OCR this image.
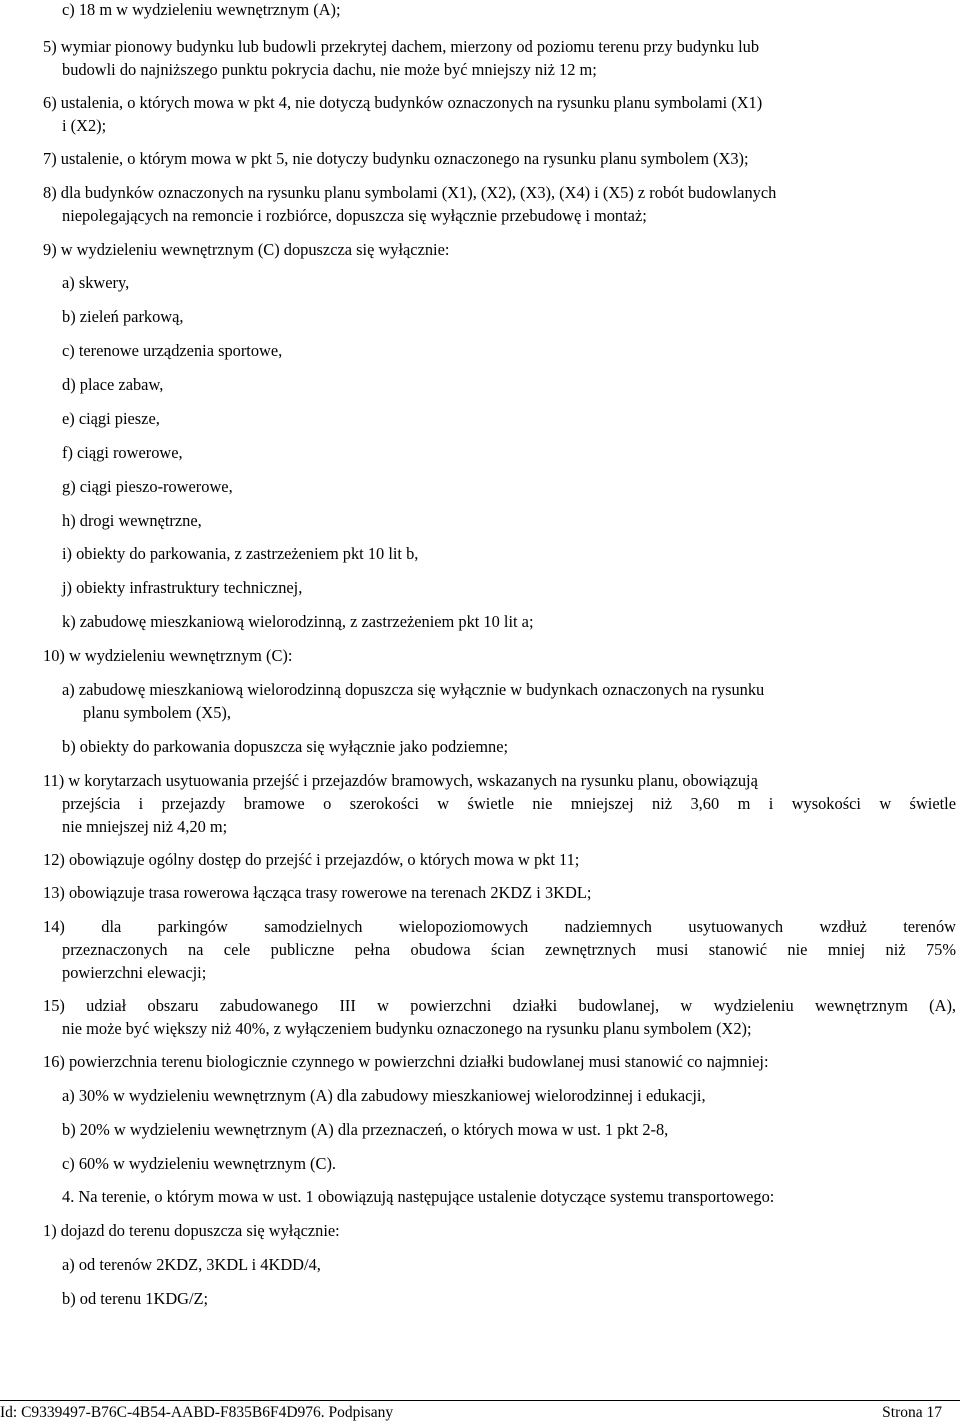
c) 18 m w wydzieleniu wewnętrznym (A);
5) wymiar pionowy budynku lub budowli przekrytej dachem, mierzony od poziomu terenu przy budynku lub
budowli do najniższego punktu pokrycia dachu, nie może być mniejszy niż 12 m;
6) ustalenia, o których mowa w pkt 4, nie dotyczą budynków oznaczonych na rysunku planu symbolami (X1)
i (X2);
7) ustalenie, o którym mowa w pkt 5, nie dotyczy budynku oznaczonego na rysunku planu symbolem (X3);
8) dla budynków oznaczonych na rysunku planu symbolami (X1), (X2), (X3), (X4) i (X5) z robót budowlanych
niepolegających na remoncie i rozbiórce, dopuszcza się wyłącznie przebudowę i montaż;
9) w wydzieleniu wewnętrznym (C) dopuszcza się wyłącznie:
a) skwery,
b) zieleń parkową,
c) terenowe urządzenia sportowe,
d) place zabaw,
e) ciągi piesze,
f) ciągi rowerowe,
g) ciągi pieszo-rowerowe,
h) drogi wewnętrzne,
i) obiekty do parkowania, z zastrzeżeniem pkt 10 lit b,
j) obiekty infrastruktury technicznej,
k) zabudowę mieszkaniową wielorodzinną, z zastrzeżeniem pkt 10 lit a;
10) w wydzieleniu wewnętrznym (C):
a) zabudowę mieszkaniową wielorodzinną dopuszcza się wyłącznie w budynkach oznaczonych na rysunku
planu symbolem (X5),
b) obiekty do parkowania dopuszcza się wyłącznie jako podziemne;
11) w korytarzach usytuowania przejść i przejazdów bramowych, wskazanych na rysunku planu, obowiązują
przejścia i przejazdy bramowe o szerokości w świetle nie mniejszej niż 3,60 m i wysokości w świetle
nie mniejszej niż 4,20 m;
12) obowiązuje ogólny dostęp do przejść i przejazdów, o których mowa w pkt 11;
13) obowiązuje trasa rowerowa łącząca trasy rowerowe na terenach 2KDZ i 3KDL;
14) dla parkingów samodzielnych wielopoziomowych nadziemnych usytuowanych wzdłuż terenów
przeznaczonych na cele publiczne pełna obudowa ścian zewnętrznych musi stanowić nie mniej niż 75%
powierzchni elewacji;
15) udział obszaru zabudowanego III w powierzchni działki budowlanej, w wydzieleniu wewnętrznym (A),
nie może być większy niż 40%, z wyłączeniem budynku oznaczonego na rysunku planu symbolem (X2);
16) powierzchnia terenu biologicznie czynnego w powierzchni działki budowlanej musi stanowić co najmniej:
a) 30% w wydzieleniu wewnętrznym (A) dla zabudowy mieszkaniowej wielorodzinnej i edukacji,
b) 20% w wydzieleniu wewnętrznym (A) dla przeznaczeń, o których mowa w ust. 1 pkt 2-8,
c) 60% w wydzieleniu wewnętrznym (C).
4. Na terenie, o którym mowa w ust. 1 obowiązują następujące ustalenie dotyczące systemu transportowego:
1) dojazd do terenu dopuszcza się wyłącznie:
a) od terenów 2KDZ, 3KDL i 4KDD/4,
b) od terenu 1KDG/Z;
Id: C9339497-B76C-4B54-AABD-F835B6F4D976. Podpisany	Strona 17
